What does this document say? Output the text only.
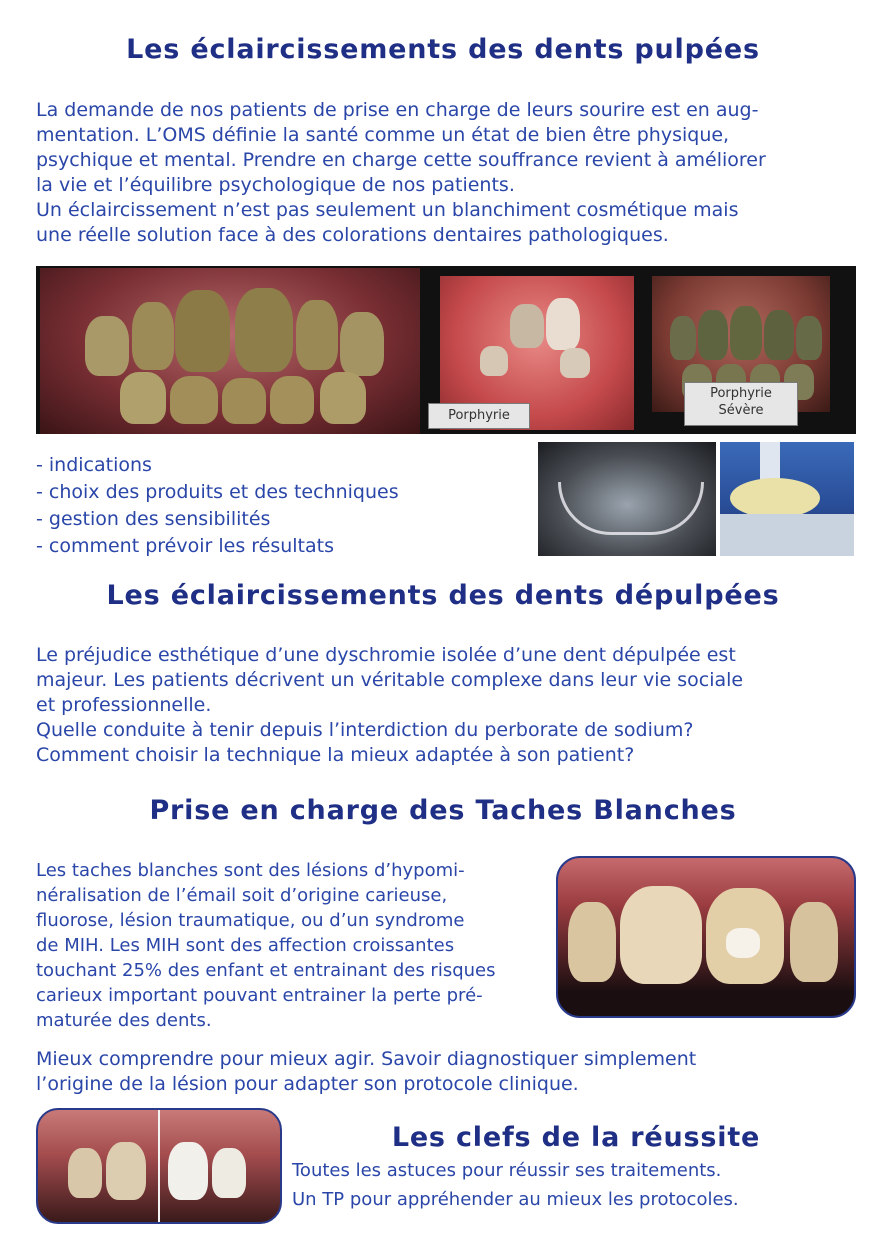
Les éclaircissements des dents pulpées
La demande de nos patients de prise en charge de leurs sourire est en aug-
mentation. L’OMS définie la santé comme un état de bien être physique,
psychique et mental. Prendre en charge cette souffrance revient à améliorer
la vie et l’équilibre psychologique de nos patients.
Un éclaircissement n’est pas seulement un blanchiment cosmétique mais
une réelle solution face à des colorations dentaires pathologiques.
Porphyrie
Porphyrie
Sévère
- indications
- choix des produits et des techniques
- gestion des sensibilités
- comment prévoir les résultats
Les éclaircissements des dents dépulpées
Le préjudice esthétique d’une dyschromie isolée d’une dent dépulpée est
majeur. Les patients décrivent un véritable complexe dans leur vie sociale
et professionnelle.
Quelle conduite à tenir depuis l’interdiction du perborate de sodium?
Comment choisir la technique la mieux adaptée à son patient?
Prise en charge des Taches Blanches
Les taches blanches sont des lésions d’hypomi-
néralisation de l’émail soit d’origine carieuse,
fluorose, lésion traumatique, ou d’un syndrome
de MIH. Les MIH sont des affection croissantes
touchant 25% des enfant et entrainant des risques
carieux important pouvant entrainer la perte pré-
maturée des dents.
Mieux comprendre pour mieux agir. Savoir diagnostiquer simplement
l’origine de la lésion pour adapter son protocole clinique.
Les clefs de la réussite
Toutes les astuces pour réussir ses traitements.
Un TP pour appréhender au mieux les protocoles.
